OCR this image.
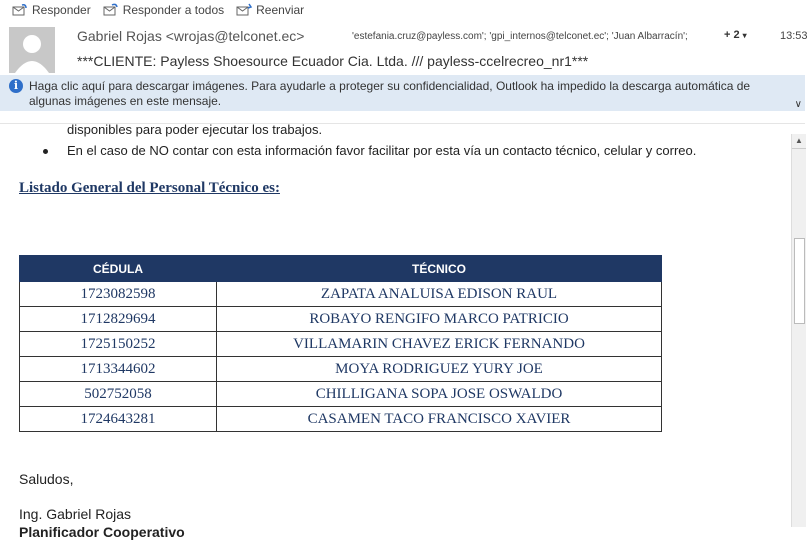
Responder	Responder a todos	Reenviar
Gabriel Rojas <wrojas@telconet.ec>	'estefania.cruz@payless.com'; 'gpi_internos@telconet.ec'; 'Juan Albarracín';	+ 2 ▾	13:53
***CLIENTE: Payless Shoesource Ecuador Cia. Ltda. /// payless-ccelrecreo_nr1***
i Haga clic aquí para descargar imágenes. Para ayudarle a proteger su confidencialidad, Outlook ha impedido la descarga automática de algunas imágenes en este mensaje.	∨
disponibles para poder ejecutar los trabajos.
En el caso de NO contar con esta información favor facilitar por esta vía un contacto técnico, celular y correo.
Listado General del Personal Técnico es:
CÉDULA	TÉCNICO
1723082598	ZAPATA ANALUISA EDISON RAUL
1712829694	ROBAYO RENGIFO MARCO PATRICIO
1725150252	VILLAMARIN CHAVEZ ERICK FERNANDO
1713344602	MOYA RODRIGUEZ YURY JOE
502752058	CHILLIGANA SOPA JOSE OSWALDO
1724643281	CASAMEN TACO FRANCISCO XAVIER
Saludos,
Ing. Gabriel Rojas
Planificador Cooperativo
▲
